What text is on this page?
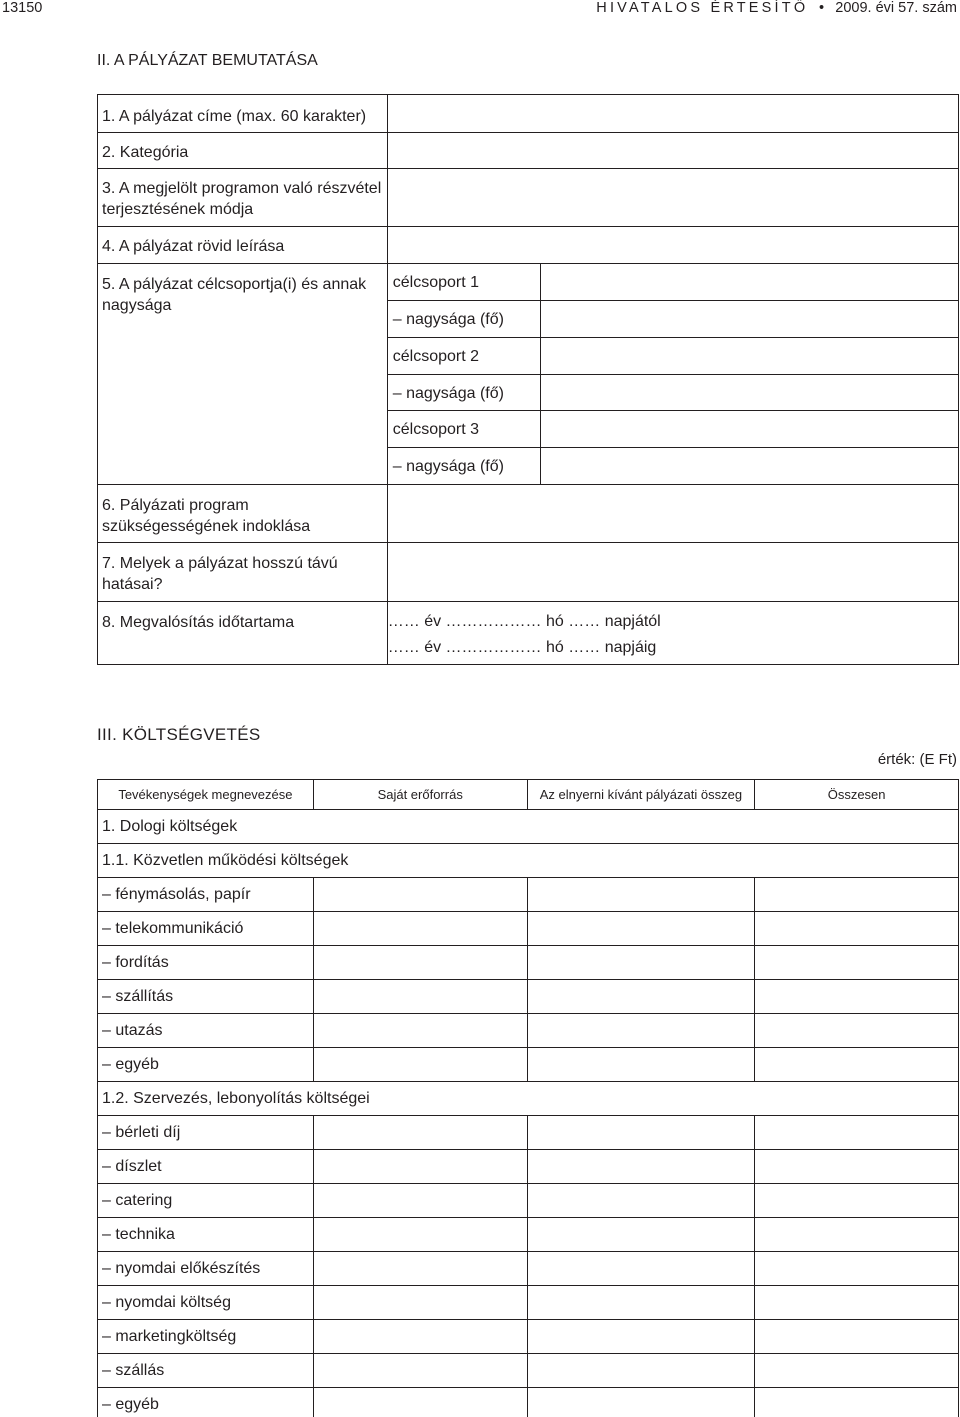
13150	HIVATALOS ÉRTESÍTŐ • 2009. évi 57. szám
II. A PÁLYÁZAT BEMUTATÁSA
1. A pályázat címe (max. 60 karakter)	
2. Kategória	
3. A megjelölt programon való részvétel terjesztésének módja	
4. A pályázat rövid leírása	
5. A pályázat célcsoportja(i) és annak nagysága	
célcsoport 1	
– nagysága (fő)	
célcsoport 2	
– nagysága (fő)	
célcsoport 3	
– nagysága (fő)	

6. Pályázati program szükségességének indoklása	
7. Melyek a pályázat hosszú távú hatásai?	
8. Megvalósítás időtartama	…… év ……………… hó …… napjától
…… év ……………… hó …… napjáig
III. KÖLTSÉGVETÉS
érték: (E Ft)
Tevékenységek megnevezése	Saját erőforrás	Az elnyerni kívánt pályázati összeg	Összesen
1. Dologi költségek			
1.1. Közvetlen működési költségek			
– fénymásolás, papír			
– telekommunikáció			
– fordítás			
– szállítás			
– utazás			
– egyéb			
1.2. Szervezés, lebonyolítás költségei			
– bérleti díj			
– díszlet			
– catering			
– technika			
– nyomdai előkészítés			
– nyomdai költség			
– marketingköltség			
– szállás			
– egyéb			
